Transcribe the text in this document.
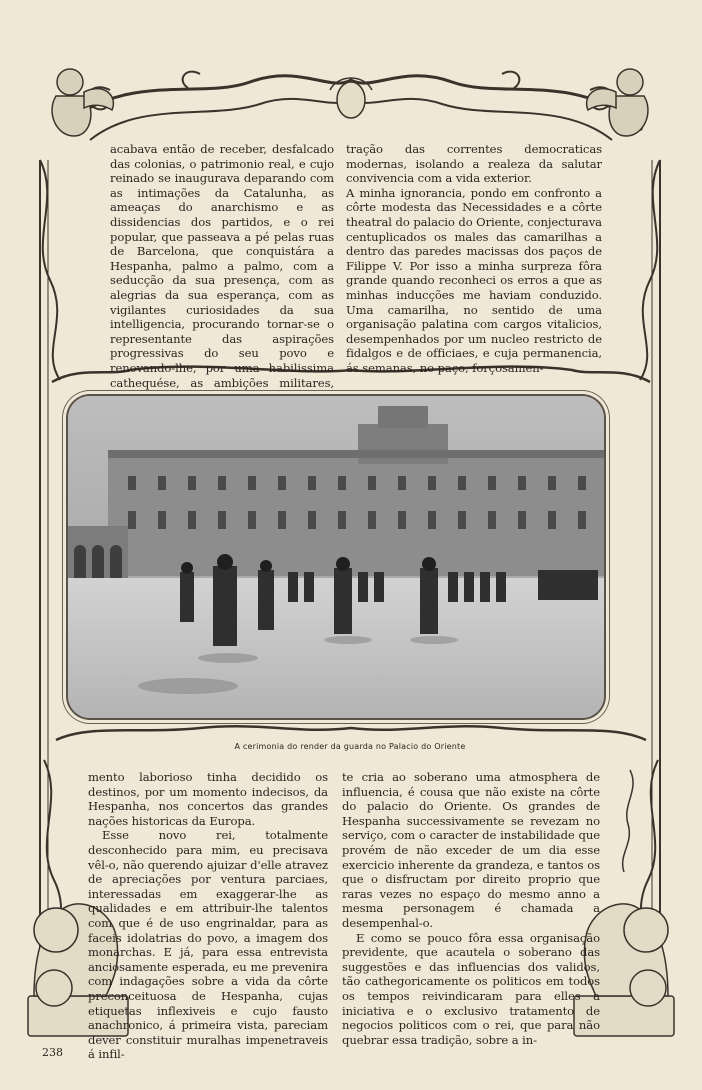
acabava então de receber, desfalcado das colonias, o patrimonio real, e cujo reinado se inaugurava deparando com as intimações da Catalunha, as ameaças do anarchismo e as dissidencias dos partidos, e o rei popular, que passeava a pé pelas ruas de Barcelona, que conquistára a Hespanha, palmo a palmo, com a seducção da sua presença, com as alegrias da sua esperança, com as vigilantes curiosidades da sua intelligencia, procurando tornar-se o representante das aspirações progressivas do seu povo e renovando-lhe, por uma habilissima cathequése, as ambições militares,

tração das correntes democraticas modernas, isolando a realeza da salutar convivencia com a vida exterior.

A minha ignorancia, pondo em confronto a côrte modesta das Necessidades e a côrte theatral do palacio do Oriente, conjecturava centuplicados os males das camarilhas a dentro das paredes macissas dos paços de Filippe V. Por isso a minha surpreza fôra grande quando reconheci os erros a que as minhas inducções me haviam conduzido. Uma camarilha, no sentido de uma organisação palatina com cargos vitalicios, desempenhados por um nucleo restricto de fidalgos e de officiaes, e cuja permanencia, ás semanas, no paço, forçosamen-

A cerimonia do render da guarda no Palacio do Oriente

mento laborioso tinha decidido os destinos, por um momento indecisos, da Hespanha, nos concertos das grandes nações historicas da Europa.

Esse novo rei, totalmente desconhecido para mim, eu precisava vêl-o, não querendo ajuizar d'elle atravez de apreciações por ventura parciaes, interessadas em exaggerar-lhe as qualidades e em attribuir-lhe talentos com que é de uso engrinaldar, para as faceis idolatrias do povo, a imagem dos monarchas. E já, para essa entrevista anciosamente esperada, eu me prevenira com indagações sobre a vida da côrte preconceituosa de Hespanha, cujas etiquetas inflexiveis e cujo fausto anachronico, á primeira vista, pareciam dever constituir muralhas impenetraveis á infil-

te cria ao soberano uma atmosphera de influencia, é cousa que não existe na côrte do palacio do Oriente. Os grandes de Hespanha successivamente se revezam no serviço, com o caracter de instabilidade que provém de não exceder de um dia esse exercicio inherente da grandeza, e tantos os que o disfructam por direito proprio que raras vezes no espaço do mesmo anno a mesma personagem é chamada a desempenhal-o.

E como se pouco fôra essa organisação previdente, que acautela o soberano das suggestões e das influencias dos validos, tão cathegoricamente os politicos em todos os tempos reivindicaram para elles a iniciativa e o exclusivo tratamento de negocios politicos com o rei, que para não quebrar essa tradição, sobre a in-

238
